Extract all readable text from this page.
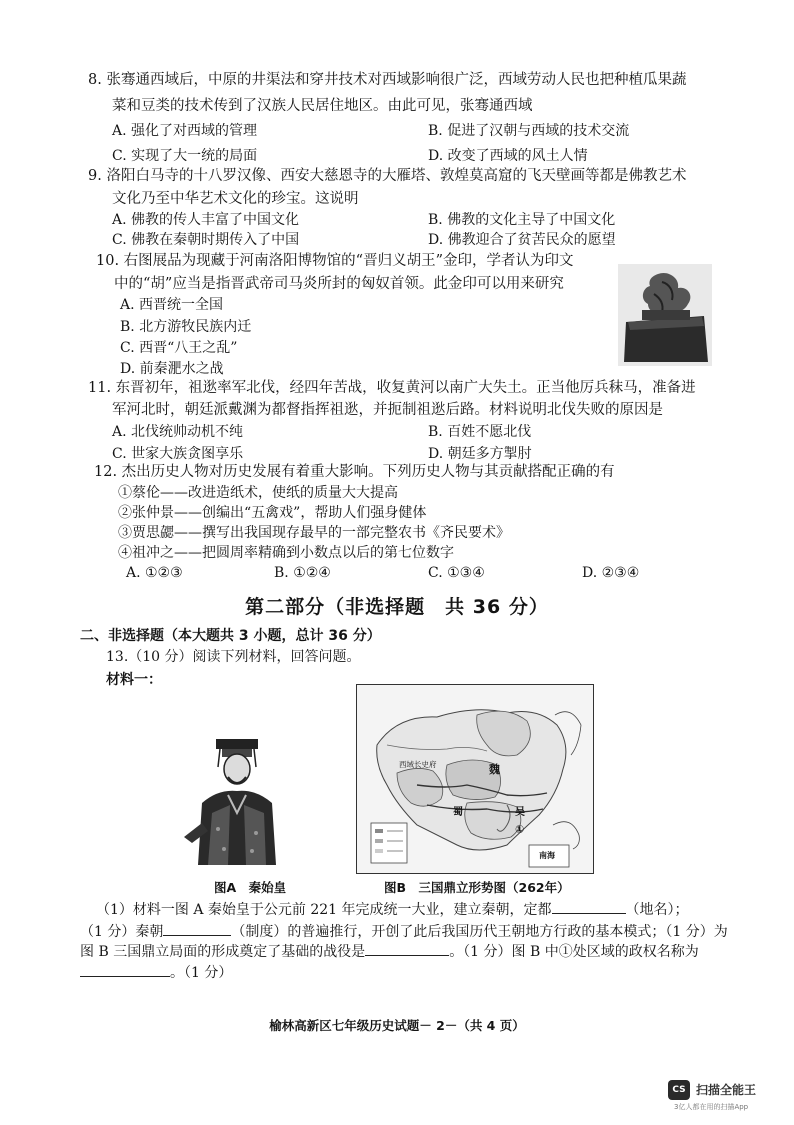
8. 张骞通西域后，中原的井渠法和穿井技术对西域影响很广泛，西域劳动人民也把种植瓜果蔬
菜和豆类的技术传到了汉族人民居住地区。由此可见，张骞通西域
A. 强化了对西域的管理	B. 促进了汉朝与西域的技术交流
C. 实现了大一统的局面	D. 改变了西域的风土人情
9. 洛阳白马寺的十八罗汉像、西安大慈恩寺的大雁塔、敦煌莫高窟的飞天壁画等都是佛教艺术
文化乃至中华艺术文化的珍宝。这说明
A. 佛教的传人丰富了中国文化	B. 佛教的文化主导了中国文化
C. 佛教在秦朝时期传入了中国	D. 佛教迎合了贫苦民众的愿望
10. 右图展品为现藏于河南洛阳博物馆的“晋归义胡王”金印，学者认为印文
中的“胡”应当是指晋武帝司马炎所封的匈奴首领。此金印可以用来研究
A. 西晋统一全国
B. 北方游牧民族内迁
C. 西晋“八王之乱”
D. 前秦淝水之战
11. 东晋初年，祖逖率军北伐，经四年苦战，收复黄河以南广大失土。正当他厉兵秣马，准备进
军河北时，朝廷派戴渊为都督指挥祖逖，并扼制祖逖后路。材料说明北伐失败的原因是
A. 北伐统帅动机不纯	B. 百姓不愿北伐
C. 世家大族贪图享乐	D. 朝廷多方掣肘
12. 杰出历史人物对历史发展有着重大影响。下列历史人物与其贡献搭配正确的有
①蔡伦——改进造纸术，使纸的质量大大提高
②张仲景——创编出“五禽戏”，帮助人们强身健体
③贾思勰——撰写出我国现存最早的一部完整农书《齐民要术》
④祖冲之——把圆周率精确到小数点以后的第七位数字
A. ①②③	B. ①②④	C. ①③④	D. ②③④
第二部分（非选择题　共 36 分）
二、非选择题（本大题共 3 小题，总计 36 分）
13.（10 分）阅读下列材料，回答问题。
材料一：
图A　秦始皇
魏
蜀	吴
西域长史府
南海
①
图B　三国鼎立形势图（262年）
（1）材料一图 A 秦始皇于公元前 221 年完成统一大业，建立秦朝，定都	（地名）；
（1 分）秦朝	（制度）的普遍推行，开创了此后我国历代王朝地方行政的基本模式；（1 分）为
图 B 三国鼎立局面的形成奠定了基础的战役是	。（1 分）图 B 中①处区域的政权名称为
。（1 分）
榆林高新区七年级历史试题－ 2－（共 4 页）
CS 扫描全能王
3亿人都在用的扫描App
